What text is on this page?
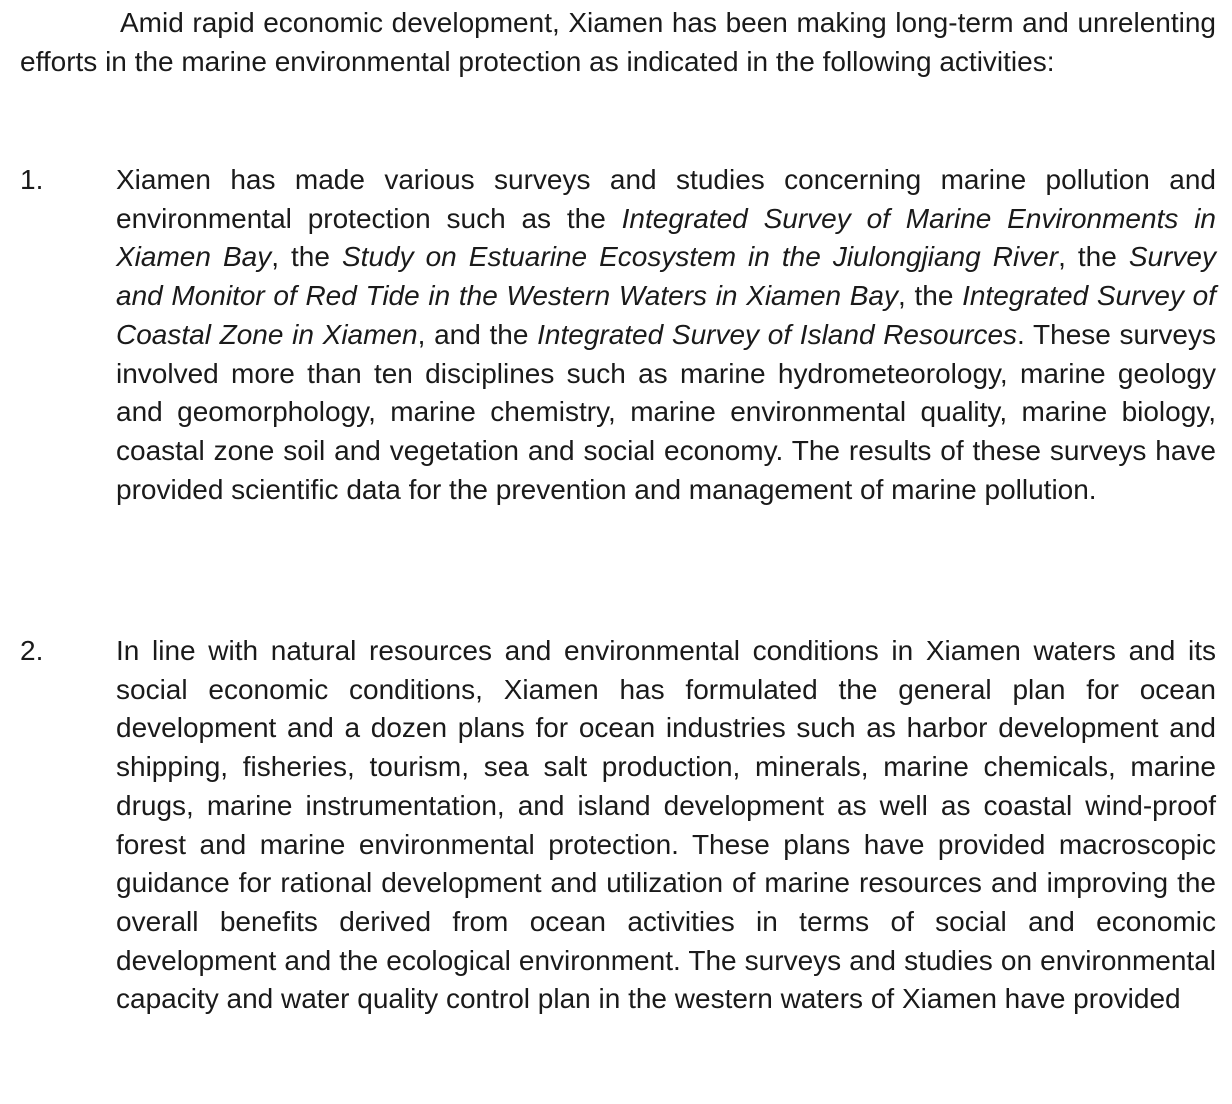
Amid rapid economic development, Xiamen has been making long-term and unrelenting efforts in the marine environmental protection as indicated in the following activities:

1.	Xiamen has made various surveys and studies concerning marine pollution and environmental protection such as the Integrated Survey of Marine Environments in Xiamen Bay, the Study on Estuarine Ecosystem in the Jiulongjiang River, the Survey and Monitor of Red Tide in the Western Waters in Xiamen Bay, the Integrated Survey of Coastal Zone in Xiamen, and the Integrated Survey of Island Resources. These surveys involved more than ten disciplines such as marine hydrometeorology, marine geology and geomorphology, marine chemistry, marine environmental quality, marine biology, coastal zone soil and vegetation and social economy. The results of these surveys have provided scientific data for the prevention and management of marine pollution.

2.	In line with natural resources and environmental conditions in Xiamen waters and its social economic conditions, Xiamen has formulated the general plan for ocean development and a dozen plans for ocean industries such as harbor development and shipping, fisheries, tourism, sea salt production, minerals, marine chemicals, marine drugs, marine instrumentation, and island development as well as coastal wind-proof forest and marine environmental protection. These plans have provided macroscopic guidance for rational development and utilization of marine resources and improving the overall benefits derived from ocean activities in terms of social and economic development and the ecological environment. The surveys and studies on environmental capacity and water quality control plan in the western waters of Xiamen have provided
